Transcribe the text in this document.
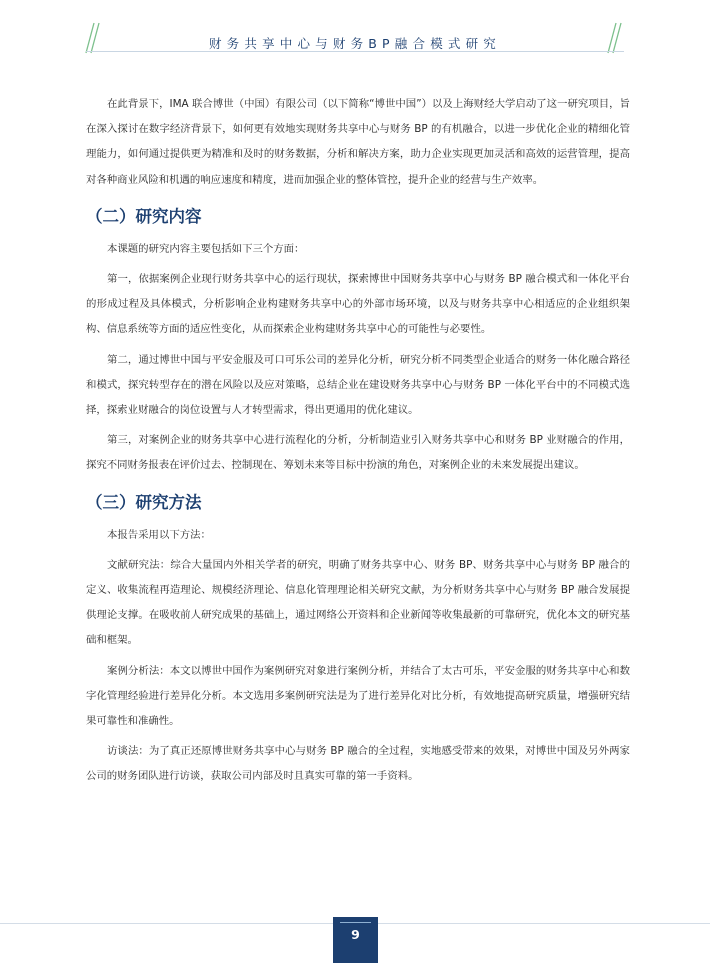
财务共享中心与财务BP融合模式研究

在此背景下，IMA 联合博世（中国）有限公司（以下简称“博世中国”）以及上海财经大学启动了这一研究项目，旨在深入探讨在数字经济背景下，如何更有效地实现财务共享中心与财务 BP 的有机融合，以进一步优化企业的精细化管理能力，如何通过提供更为精准和及时的财务数据，分析和解决方案，助力企业实现更加灵活和高效的运营管理，提高对各种商业风险和机遇的响应速度和精度，进而加强企业的整体管控，提升企业的经营与生产效率。

（二）研究内容

本课题的研究内容主要包括如下三个方面：

第一，依据案例企业现行财务共享中心的运行现状，探索博世中国财务共享中心与财务 BP 融合模式和一体化平台的形成过程及具体模式，分析影响企业构建财务共享中心的外部市场环境，以及与财务共享中心相适应的企业组织架构、信息系统等方面的适应性变化，从而探索企业构建财务共享中心的可能性与必要性。

第二，通过博世中国与平安金服及可口可乐公司的差异化分析，研究分析不同类型企业适合的财务一体化融合路径和模式，探究转型存在的潜在风险以及应对策略，总结企业在建设财务共享中心与财务 BP 一体化平台中的不同模式选择，探索业财融合的岗位设置与人才转型需求，得出更通用的优化建议。

第三，对案例企业的财务共享中心进行流程化的分析，分析制造业引入财务共享中心和财务 BP 业财融合的作用，探究不同财务报表在评价过去、控制现在、筹划未来等目标中扮演的角色，对案例企业的未来发展提出建议。

（三）研究方法

本报告采用以下方法：

文献研究法：综合大量国内外相关学者的研究，明确了财务共享中心、财务 BP、财务共享中心与财务 BP 融合的定义、收集流程再造理论、规模经济理论、信息化管理理论相关研究文献，为分析财务共享中心与财务 BP 融合发展提供理论支撑。在吸收前人研究成果的基础上，通过网络公开资料和企业新闻等收集最新的可靠研究，优化本文的研究基础和框架。

案例分析法：本文以博世中国作为案例研究对象进行案例分析，并结合了太古可乐，平安金服的财务共享中心和数字化管理经验进行差异化分析。本文选用多案例研究法是为了进行差异化对比分析，有效地提高研究质量，增强研究结果可靠性和准确性。

访谈法：为了真正还原博世财务共享中心与财务 BP 融合的全过程，实地感受带来的效果，对博世中国及另外两家公司的财务团队进行访谈，获取公司内部及时且真实可靠的第一手资料。

9
